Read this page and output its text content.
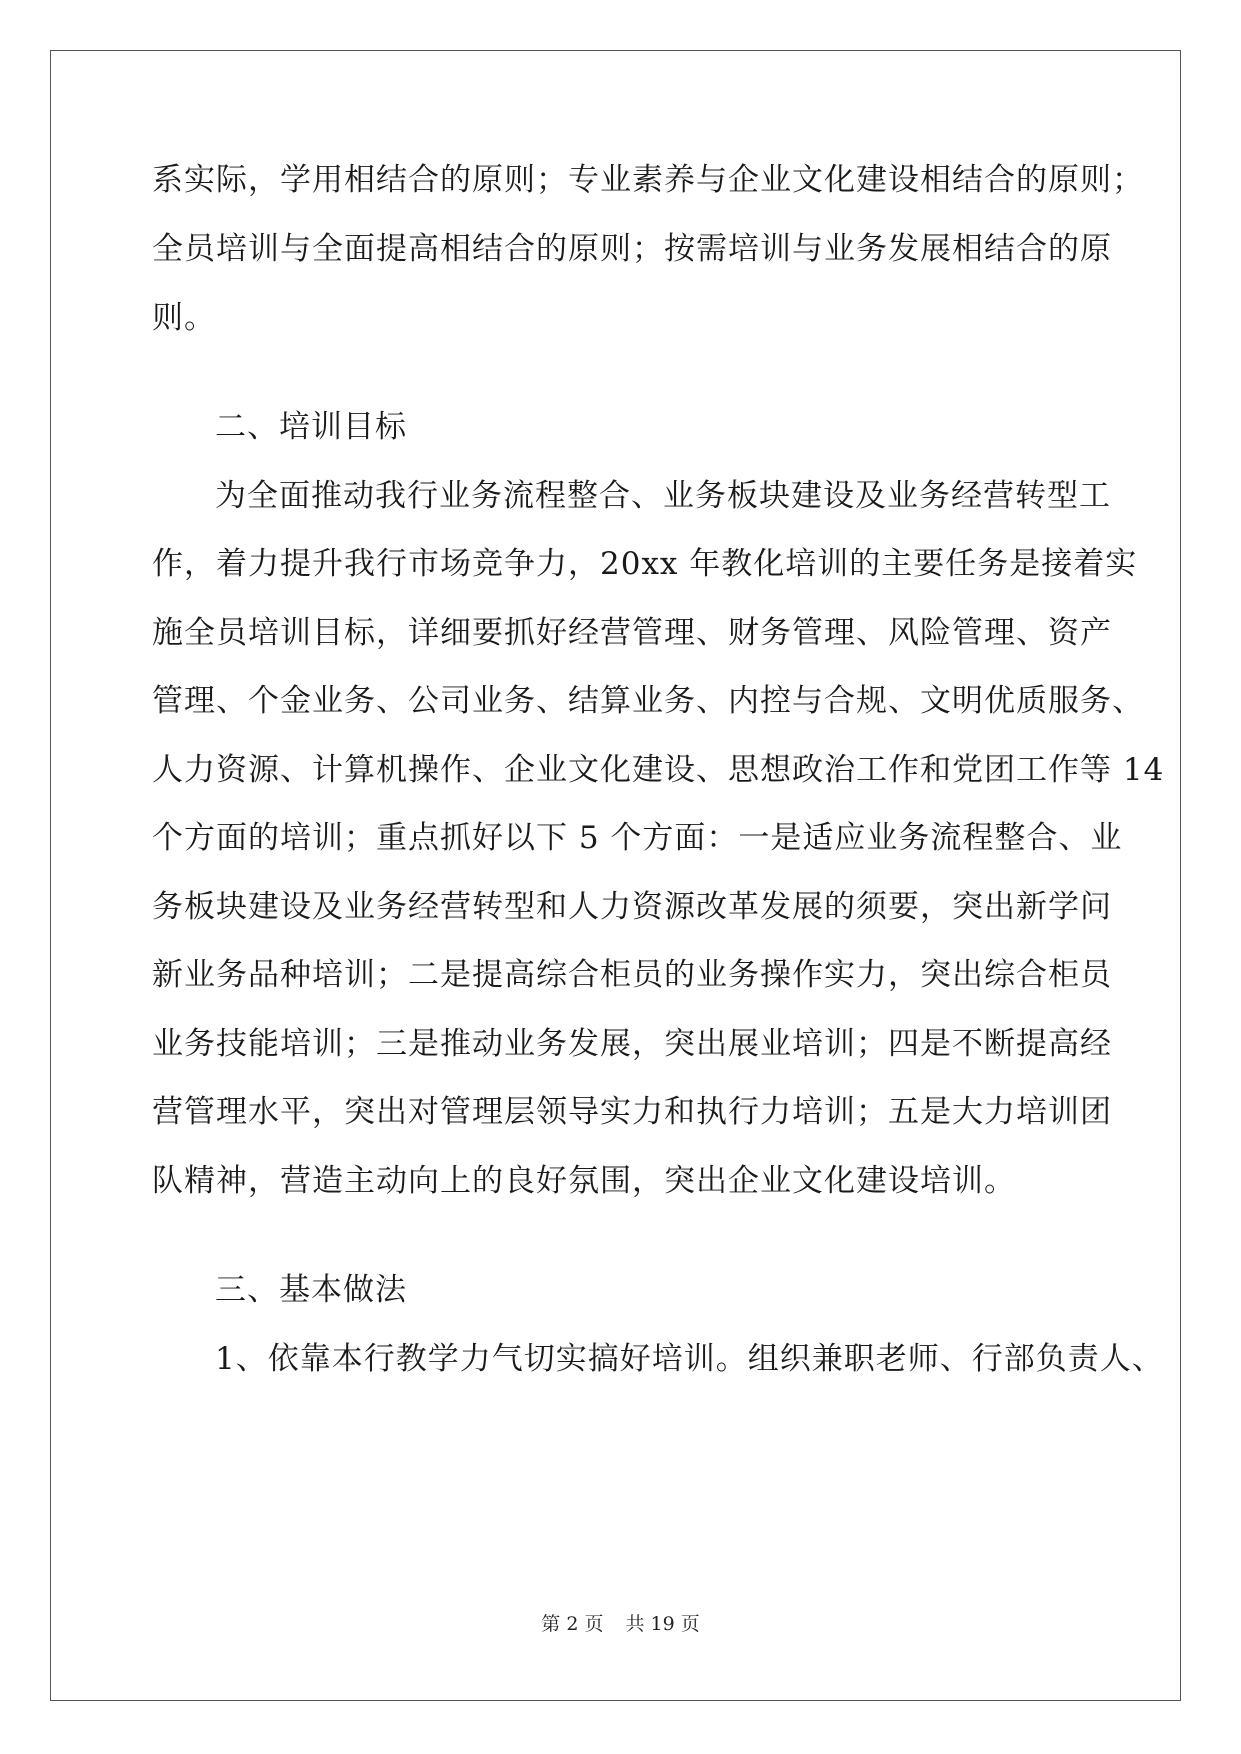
系实际，学用相结合的原则；专业素养与企业文化建设相结合的原则；
全员培训与全面提高相结合的原则；按需培训与业务发展相结合的原
则。
二、培训目标
为全面推动我行业务流程整合、业务板块建设及业务经营转型工
作，着力提升我行市场竞争力，20xx 年教化培训的主要任务是接着实
施全员培训目标，详细要抓好经营管理、财务管理、风险管理、资产
管理、个金业务、公司业务、结算业务、内控与合规、文明优质服务、
人力资源、计算机操作、企业文化建设、思想政治工作和党团工作等 14
个方面的培训；重点抓好以下 5 个方面：一是适应业务流程整合、业
务板块建设及业务经营转型和人力资源改革发展的须要，突出新学问
新业务品种培训；二是提高综合柜员的业务操作实力，突出综合柜员
业务技能培训；三是推动业务发展，突出展业培训；四是不断提高经
营管理水平，突出对管理层领导实力和执行力培训；五是大力培训团
队精神，营造主动向上的良好氛围，突出企业文化建设培训。
三、基本做法
1、依靠本行教学力气切实搞好培训。组织兼职老师、行部负责人、
第 2 页 共 19 页
